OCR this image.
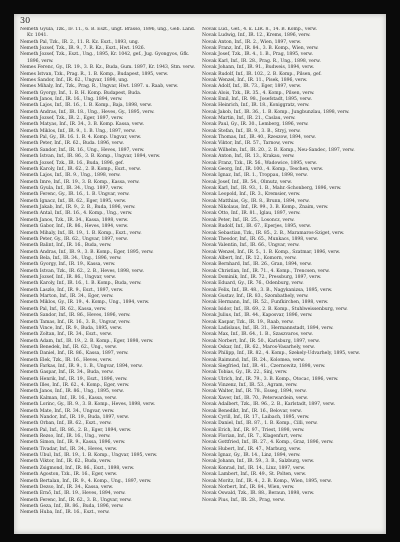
30
Nemeth Gyula, Tzk., IF. 11., 6. B. Eszt., ungt. Brasso, 1896, ung., Geb. Land. Kr. 1041.
Nemeth Pal, Tzk., IR. 2., 11. R. Kz. Eszt., 1893, ung.
Nemeth Jozsef, Tzk., IR. 9., 7. R. Kz., Eszt., Hwt. 1926.
Nemeth Jozsef, Tzk., Eszt., Ung., 1895, Kr. 1042, gef., Jug. Gyongyos, Gfk. 1896, verw.
Nemes Ferenc, Gy., IR. 19., 3. B. Kz., Buda, Gum. 1897, Kr. 1943, Stm. verw.
Nemes Istvan, Tzk., Prag. R., 1. B. Komp., Budapest, 1895, verw.
Nemes Sandor, Inf., IR. 62., Ungvar, 1898, ung.
Nemes Mihaly, Inf., Tzk., Prag. R., Ungvar, Hwt. 1897. u. Raab, verw.
Nemeth Gyorgy, Inf., 1. B. H. Komp. Budapest, Buda.
Nemeth Janos, Inf., IR. 16., Ung. 1894, verw.
Nemeth Lajos, Inf., IR. 16., 1. B. Komp., Baja, 1898, verw.
Nemeth Andras, Inf., IR. 18., Ung., Heves, Gy., 1895, verw.
Nemeth Jozsef, Tzk., IR. 2., Eger, 1897, verw.
Nemeth Matyas, Inf., IR. 34., 3. B. Komp. Kassa, verw.
Nemeth Miklos, Inf., IR. 9., 1. B. Ung., 1897, verw.
Nemeth Pal, Gy., IR. 16. 1. B. 4. Komp. Ungvar, verw.
Nemeth Peter, Inf., IR. 62., Buda. 1896, verw.
Nemeth Sandor, Inf., IR. 16., Ung., Heves, 1897, verw.
Nemeth Istvan, Inf., IR. 86., 3. B. Komp., Ungvar, 1894, verw.
Nemeth Jozsef, Tzk., IR. 16., Buda, 1896, gef.
Nemeth Karoly, Inf., IR. 62., 2. B. Komp., Eszt., verw.
Nemeth Lajos, Inf., IR. 9., Ung., 1898, verw.
Nemeth Imre, Inf., IR. 19., 3. B. Komp., Kassa, verw.
Nemeth Gyula, Inf., IR. 34., Ung. 1897, verw.
Nemeth Ferenc, Gy., IR. 16., 1. B. Ungvar, verw.
Nemeth Ignacz, Inf., IR. 62., Eger, 1895, verw.
Nemeth Jakab, Inf., IR. 9., 2. B., Buda, 1896, verw.
Nemeth Antal, Inf., IR. 16., 4. Komp., Ung., verw.
Nemeth Janos, Tzk., IR. 34., Kassa, 1898, verw.
Nemeth Gabor, Inf., IR. 86., Heves, 1894, verw.
Nemeth Mihaly, Inf., IR. 19., 1. B. Komp., Eszt., verw.
Nemeth Peter, Gy., IR. 62., Ungvar, 1897, verw.
Nemeth Balint, Inf., IR. 16., Buda, verw.
Nemeth Andras, Inf., IR. 9., 3. B. Komp., Eger, 1895, verw.
Nemeth Bela, Inf., IR. 34., Ung., 1896, verw.
Nemeth Gyorgy, Inf., IR. 19., Kassa, verw.
Nemeth Istvan, Tzk., IR. 62., 2. B., Heves, 1898, verw.
Nemeth Jozsef, Inf., IR. 86., Ungvar, verw.
Nemeth Karoly, Inf., IR. 16., 1. B. Komp., Buda, verw.
Nemeth Laszlo, Inf., IR. 9., Eszt., 1897, verw.
Nemeth Marton, Inf., IR. 34., Eger, verw.
Nemeth Miklos, Gy., IR. 19., 4. Komp., Ung., 1894, verw.
Nemeth Pal, Inf., IR. 62., Kassa, verw.
Nemeth Sandor, Inf., IR. 86., Heves, 1896, verw.
Nemeth Tamas, Inf., IR. 16., 3. B., Ungvar, verw.
Nemeth Vince, Inf., IR. 9., Buda, 1895, verw.
Nemeth Zoltan, Inf., IR. 34., Eszt., verw.
Nemeth Adam, Inf., IR. 19., 2. B. Komp., Eger, 1898, verw.
Nemeth Benedek, Inf., IR. 62., Ung., verw.
Nemeth Daniel, Inf., IR. 86., Kassa, 1897, verw.
Nemeth Elek, Tzk., IR. 16., Heves, verw.
Nemeth Farkas, Inf., IR. 9., 1. B., Ungvar, 1894, verw.
Nemeth Gaspar, Inf., IR. 34., Buda, verw.
Nemeth Henrik, Inf., IR. 19., Eszt., 1896, verw.
Nemeth Illes, Inf., IR. 62., 4. Komp., Eger, verw.
Nemeth Janos, Inf., IR. 86., Ung., 1895, verw.
Nemeth Kalman, Inf., IR. 16., Kassa, verw.
Nemeth Lorinc, Gy., IR. 9., 3. B. Komp., Heves, 1898, verw.
Nemeth Mate, Inf., IR. 34., Ungvar, verw.
Nemeth Nandor, Inf., IR. 19., Buda, 1897, verw.
Nemeth Orban, Inf., IR. 62., Eszt., verw.
Nemeth Pal, Inf., IR. 86., 2. B., Eger, 1894, verw.
Nemeth Rezso, Inf., IR. 16., Ung., verw.
Nemeth Simon, Inf., IR. 9., Kassa, 1896, verw.
Nemeth Tivadar, Inf., IR. 34., Heves, verw.
Nemeth Ubul, Inf., IR. 19., 1. B. Komp., Ungvar, 1895, verw.
Nemeth Viktor, Inf., IR. 62., Buda, verw.
Nemeth Zsigmond, Inf., IR. 86., Eszt., 1898, verw.
Nemeth Agoston, Tzk., IR. 16., Eger, verw.
Nemeth Bertalan, Inf., IR. 9., 4. Komp., Ung., 1897, verw.
Nemeth Dezso, Inf., IR. 34., Kassa, verw.
Nemeth Ernő, Inf., IR. 19., Heves, 1894, verw.
Nemeth Ferenc, Inf., IR. 62., 3. B., Ungvar, verw.
Nemeth Geza, Inf., IR. 86., Buda, 1896, verw.
Nemeth Huba, Inf., IR. 16., Eszt., verw.
Novak Lud., Gef., 4. k. LIR. 8., 14. B. Komp., verw.
Novak Ludwig, Inf., IR. 12., Krems, 1896, verw.
Novak Anton, Inf., IR. 2., Wien, 1897, verw.
Novak Franz, Inf., IR. 84., 3. B. Komp., Wien, verw.
Novak Josef, Tzk., IR. 4., 1. B., Prag, 1895, verw.
Novak Karl, Inf., IR. 28., Prag. R., Ung., 1898, verw.
Novak Johann, Inf., IR. 91., Budweis, 1894, verw.
Novak Rudolf, Inf., IR. 102., 2. B. Komp., Pilsen, gef.
Novak Wenzel, Inf., IR. 11., Pisek, 1896, verw.
Novak Adolf, Inf., IR. 73., Eger, 1897, verw.
Novak Alois, Tzk., IR. 35., 4. Komp., Pilsen, verw.
Novak Emil, Inf., IR. 98., Josefstadt, 1895, verw.
Novak Heinrich, Inf., IR. 18., Koniggratz, verw.
Novak Jakob, Inf., IR. 36., 1. B. Komp., Jungbunzlau, 1898, verw.
Novak Martin, Inf., IR. 21., Caslau, verw.
Novak Paul, Gy., IR. 30., Lemberg, 1896, verw.
Novak Stefan, Inf., IR. 9., 3. B., Stryj, verw.
Novak Thomas, Inf., IR. 40., Rzeszow, 1894, verw.
Novak Viktor, Inf., IR. 57., Tarnow, verw.
Novak Wilhelm, Inf., IR. 20., 2. B. Komp., Neu-Sandec, 1897, verw.
Novak Anton, Inf., IR. 13., Krakau, verw.
Novak Franz, Tzk., IR. 56., Wadowice, 1895, verw.
Novak Georg, Inf., IR. 100., 4. Komp., Teschen, verw.
Novak Ignaz, Inf., IR. 1., Troppau, 1898, verw.
Novak Josef, Inf., IR. 54., Olmutz, verw.
Novak Karl, Inf., IR. 93., 1. B., Mahr.-Schonberg, 1896, verw.
Novak Leopold, Inf., IR. 3., Kremsier, verw.
Novak Matthias, Gy., IR. 8., Brunn, 1894, verw.
Novak Nikolaus, Inf., IR. 99., 3. B. Komp., Znaim, verw.
Novak Otto, Inf., IR. 81., Iglau, 1897, verw.
Novak Peter, Inf., IR. 25., Losoncz, verw.
Novak Rudolf, Inf., IR. 67., Eperjes, 1895, verw.
Novak Sebastian, Tzk., IR. 85., 2. B., Maramaros-Sziget, verw.
Novak Theodor, Inf., IR. 65., Munkacs, 1898, verw.
Novak Valentin, Inf., IR. 66., Ungvar, verw.
Novak Wenzel, Inf., IR. 5., 1. B. Komp., Szatmar, 1896, verw.
Novak Albert, Inf., IR. 12., Komorn, verw.
Novak Bernhard, Inf., IR. 26., Gran, 1894, verw.
Novak Christian, Inf., IR. 71., 4. Komp., Trencsen, verw.
Novak Dominik, Inf., IR. 72., Pressburg, 1897, verw.
Novak Eduard, Gy., IR. 76., Odenburg, verw.
Novak Felix, Inf., IR. 48., 3. B., Nagykanizsa, 1895, verw.
Novak Gustav, Inf., IR. 83., Szombathely, verw.
Novak Hermann, Inf., IR. 52., Funfkirchen, 1898, verw.
Novak Isidor, Inf., IR. 69., 2. B. Komp., Stuhlweissenburg, verw.
Novak Julius, Inf., IR. 44., Kaposvar, 1896, verw.
Novak Kaspar, Tzk., IR. 19., Raab, verw.
Novak Ladislaus, Inf., IR. 31., Hermannstadt, 1894, verw.
Novak Max, Inf., IR. 64., 1. B., Szaszvaros, verw.
Novak Norbert, Inf., IR. 50., Karlsburg, 1897, verw.
Novak Oskar, Inf., IR. 62., Maros-Vasarhely, verw.
Novak Philipp, Inf., IR. 82., 4. Komp., Szekely-Udvarhely, 1895, verw.
Novak Raimund, Inf., IR. 24., Kolomea, verw.
Novak Siegfried, Inf., IR. 41., Czernowitz, 1898, verw.
Novak Tobias, Gy., IR. 22., Sinj, verw.
Novak Ulrich, Inf., IR. 79., 3. B. Komp., Otocac, 1896, verw.
Novak Vinzenz, Inf., IR. 53., Agram, verw.
Novak Walter, Inf., IR. 78., Esseg, 1894, verw.
Novak Xaver, Inf., IR. 70., Peterwardein, verw.
Novak Adalbert, Tzk., IR. 96., 2. B., Karlstadt, 1897, verw.
Novak Benedikt, Inf., IR. 16., Belovar, verw.
Novak Cyrill, Inf., IR. 17., Laibach, 1895, verw.
Novak Daniel, Inf., IR. 87., 1. B. Komp., Cilli, verw.
Novak Erich, Inf., IR. 97., Triest, 1898, verw.
Novak Florian, Inf., IR. 7., Klagenfurt, verw.
Novak Gottfried, Inf., IR. 27., 4. Komp., Graz, 1896, verw.
Novak Hubert, Inf., IR. 47., Marburg, verw.
Novak Ignaz, Gy., IR. 14., Linz, 1894, verw.
Novak Johann, Inf., IR. 59., 3. B., Salzburg, verw.
Novak Konrad, Inf., IR. 14., Linz, 1897, verw.
Novak Lambert, Inf., IR. 49., St. Polten, verw.
Novak Moritz, Inf., IR. 4., 2. B. Komp., Wien, 1895, verw.
Novak Norbert, Inf., IR. 84., Wien, verw.
Novak Oswald, Tzk., IR. 88., Beraun, 1898, verw.
Novak Pius, Inf., IR. 28., Prag, verw.
